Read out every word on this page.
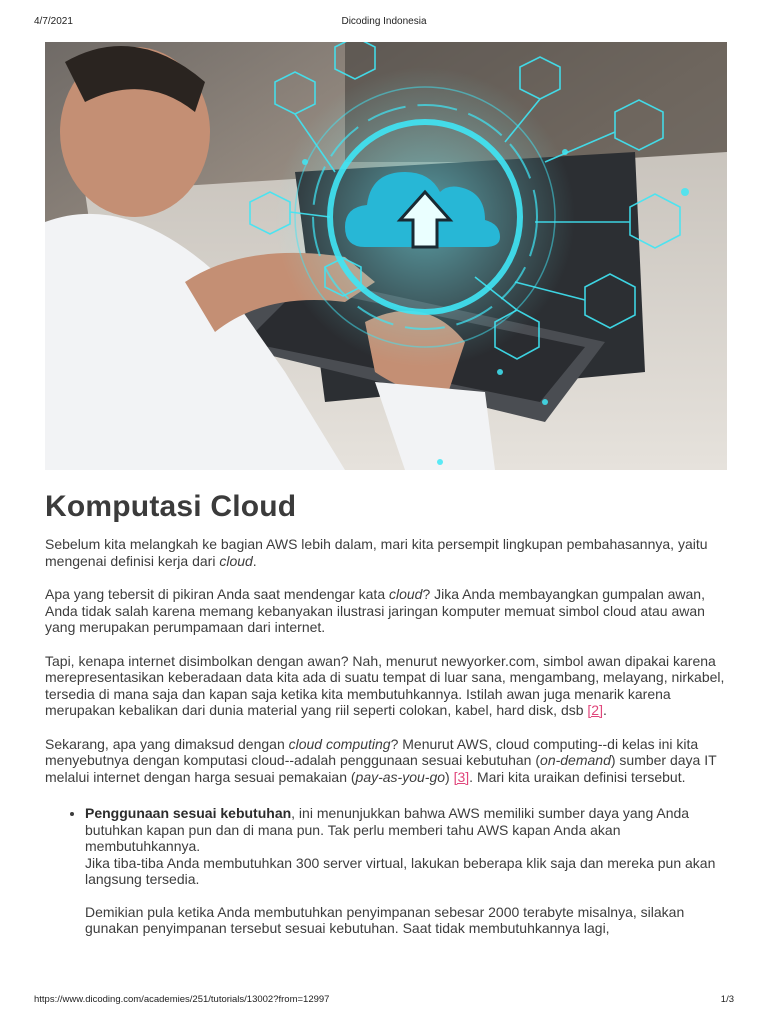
4/7/2021	Dicoding Indonesia
Komputasi Cloud

Sebelum kita melangkah ke bagian AWS lebih dalam, mari kita persempit lingkupan pembahasannya, yaitu mengenai definisi kerja dari cloud.

Apa yang tebersit di pikiran Anda saat mendengar kata cloud? Jika Anda membayangkan gumpalan awan, Anda tidak salah karena memang kebanyakan ilustrasi jaringan komputer memuat simbol cloud atau awan yang merupakan perumpamaan dari internet.

Tapi, kenapa internet disimbolkan dengan awan? Nah, menurut newyorker.com, simbol awan dipakai karena merepresentasikan keberadaan data kita ada di suatu tempat di luar sana, mengambang, melayang, nirkabel, tersedia di mana saja dan kapan saja ketika kita membutuhkannya. Istilah awan juga menarik karena merupakan kebalikan dari dunia material yang riil seperti colokan, kabel, hard disk, dsb [2].

Sekarang, apa yang dimaksud dengan cloud computing? Menurut AWS, cloud computing--di kelas ini kita menyebutnya dengan komputasi cloud--adalah penggunaan sesuai kebutuhan (on-demand) sumber daya IT melalui internet dengan harga sesuai pemakaian (pay-as-you-go) [3]. Mari kita uraikan definisi tersebut.

• Penggunaan sesuai kebutuhan, ini menunjukkan bahwa AWS memiliki sumber daya yang Anda butuhkan kapan pun dan di mana pun. Tak perlu memberi tahu AWS kapan Anda akan membutuhkannya.
Jika tiba-tiba Anda membutuhkan 300 server virtual, lakukan beberapa klik saja dan mereka pun akan langsung tersedia.
Demikian pula ketika Anda membutuhkan penyimpanan sebesar 2000 terabyte misalnya, silakan gunakan penyimpanan tersebut sesuai kebutuhan. Saat tidak membutuhkannya lagi,
https://www.dicoding.com/academies/251/tutorials/13002?from=12997	1/3
